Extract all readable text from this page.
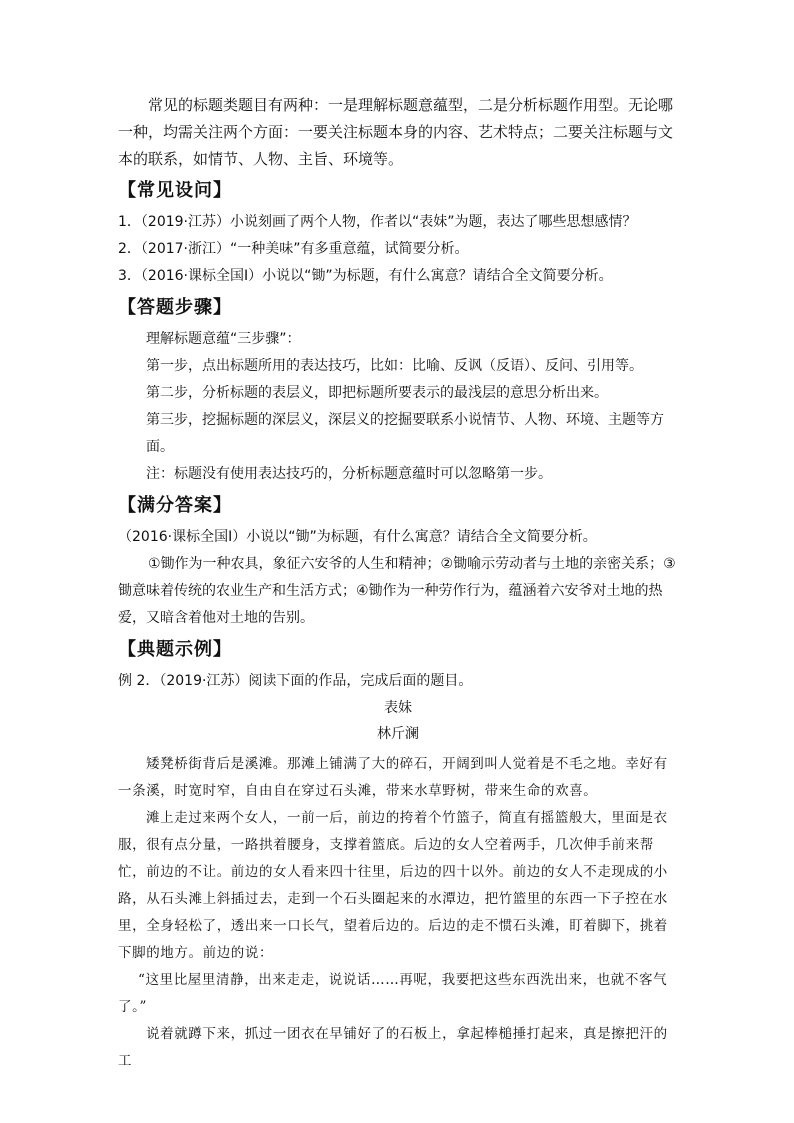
常见的标题类题目有两种：一是理解标题意蕴型，二是分析标题作用型。无论哪一种，均需关注两个方面：一要关注标题本身的内容、艺术特点；二要关注标题与文本的联系，如情节、人物、主旨、环境等。

【常见设问】

1．（2019·江苏）小说刻画了两个人物，作者以“表妹”为题，表达了哪些思想感情？

2．（2017·浙江）“一种美味”有多重意蕴，试简要分析。

3．（2016·课标全国Ⅰ）小说以“锄”为标题，有什么寓意？请结合全文简要分析。

【答题步骤】

理解标题意蕴“三步骤”：

第一步，点出标题所用的表达技巧，比如：比喻、反讽（反语）、反问、引用等。

第二步，分析标题的表层义，即把标题所要表示的最浅层的意思分析出来。

第三步，挖掘标题的深层义，深层义的挖掘要联系小说情节、人物、环境、主题等方面。

注：标题没有使用表达技巧的，分析标题意蕴时可以忽略第一步。

【满分答案】

（2016·课标全国Ⅰ）小说以“锄”为标题，有什么寓意？请结合全文简要分析。

①锄作为一种农具，象征六安爷的人生和精神；②锄喻示劳动者与土地的亲密关系；③锄意味着传统的农业生产和生活方式；④锄作为一种劳作行为，蕴涵着六安爷对土地的热爱，又暗含着他对土地的告别。

【典题示例】

例 2．（2019·江苏）阅读下面的作品，完成后面的题目。

表妹

林斤澜

矮凳桥街背后是溪滩。那滩上铺满了大的碎石，开阔到叫人觉着是不毛之地。幸好有一条溪，时宽时窄，自由自在穿过石头滩，带来水草野树，带来生命的欢喜。

滩上走过来两个女人，一前一后，前边的挎着个竹篮子，简直有摇篮般大，里面是衣服，很有点分量，一路拱着腰身，支撑着篮底。后边的女人空着两手，几次伸手前来帮忙，前边的不让。前边的女人看来四十往里，后边的四十以外。前边的女人不走现成的小路，从石头滩上斜插过去，走到一个石头圈起来的水潭边，把竹篮里的东西一下子控在水里，全身轻松了，透出来一口长气，望着后边的。后边的走不惯石头滩，盯着脚下，挑着下脚的地方。前边的说：

“这里比屋里清静，出来走走，说说话……再呢，我要把这些东西洗出来，也就不客气了。”

说着就蹲下来，抓过一团衣在早铺好了的石板上，拿起棒槌捶打起来，真是擦把汗的工
